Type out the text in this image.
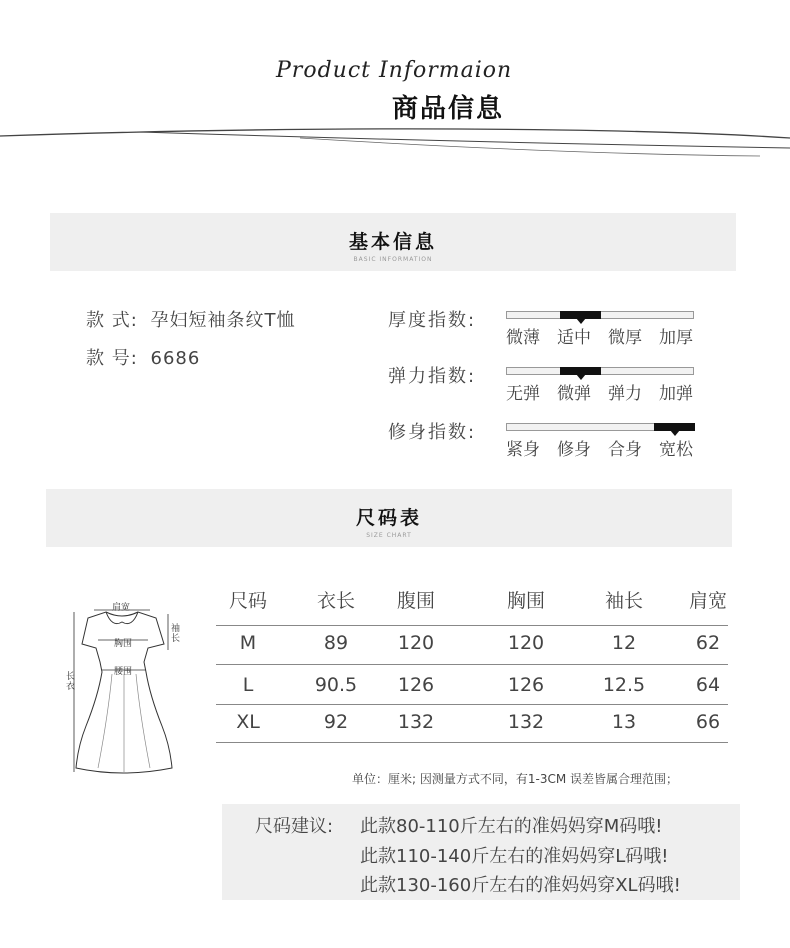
Product Informaion
商品信息
基本信息
BASIC INFORMATION
款 式: 孕妇短袖条纹T恤
款 号: 6686
厚度指数:
微薄 适中 微厚 加厚
弹力指数:
无弹 微弹 弹力 加弹
修身指数:
紧身 修身 合身 宽松
尺码表
SIZE CHART
肩宽
胸围
腰围
袖长
长衣
尺码	衣长	腹围	胸围	袖长	肩宽
M	89	120	120	12	62
L	90.5	126	126	12.5	64
XL	92	132	132	13	66
单位：厘米; 因测量方式不同，有1-3CM 误差皆属合理范围；
尺码建议: 此款80-110斤左右的准妈妈穿M码哦!
此款110-140斤左右的准妈妈穿L码哦!
此款130-160斤左右的准妈妈穿XL码哦!
